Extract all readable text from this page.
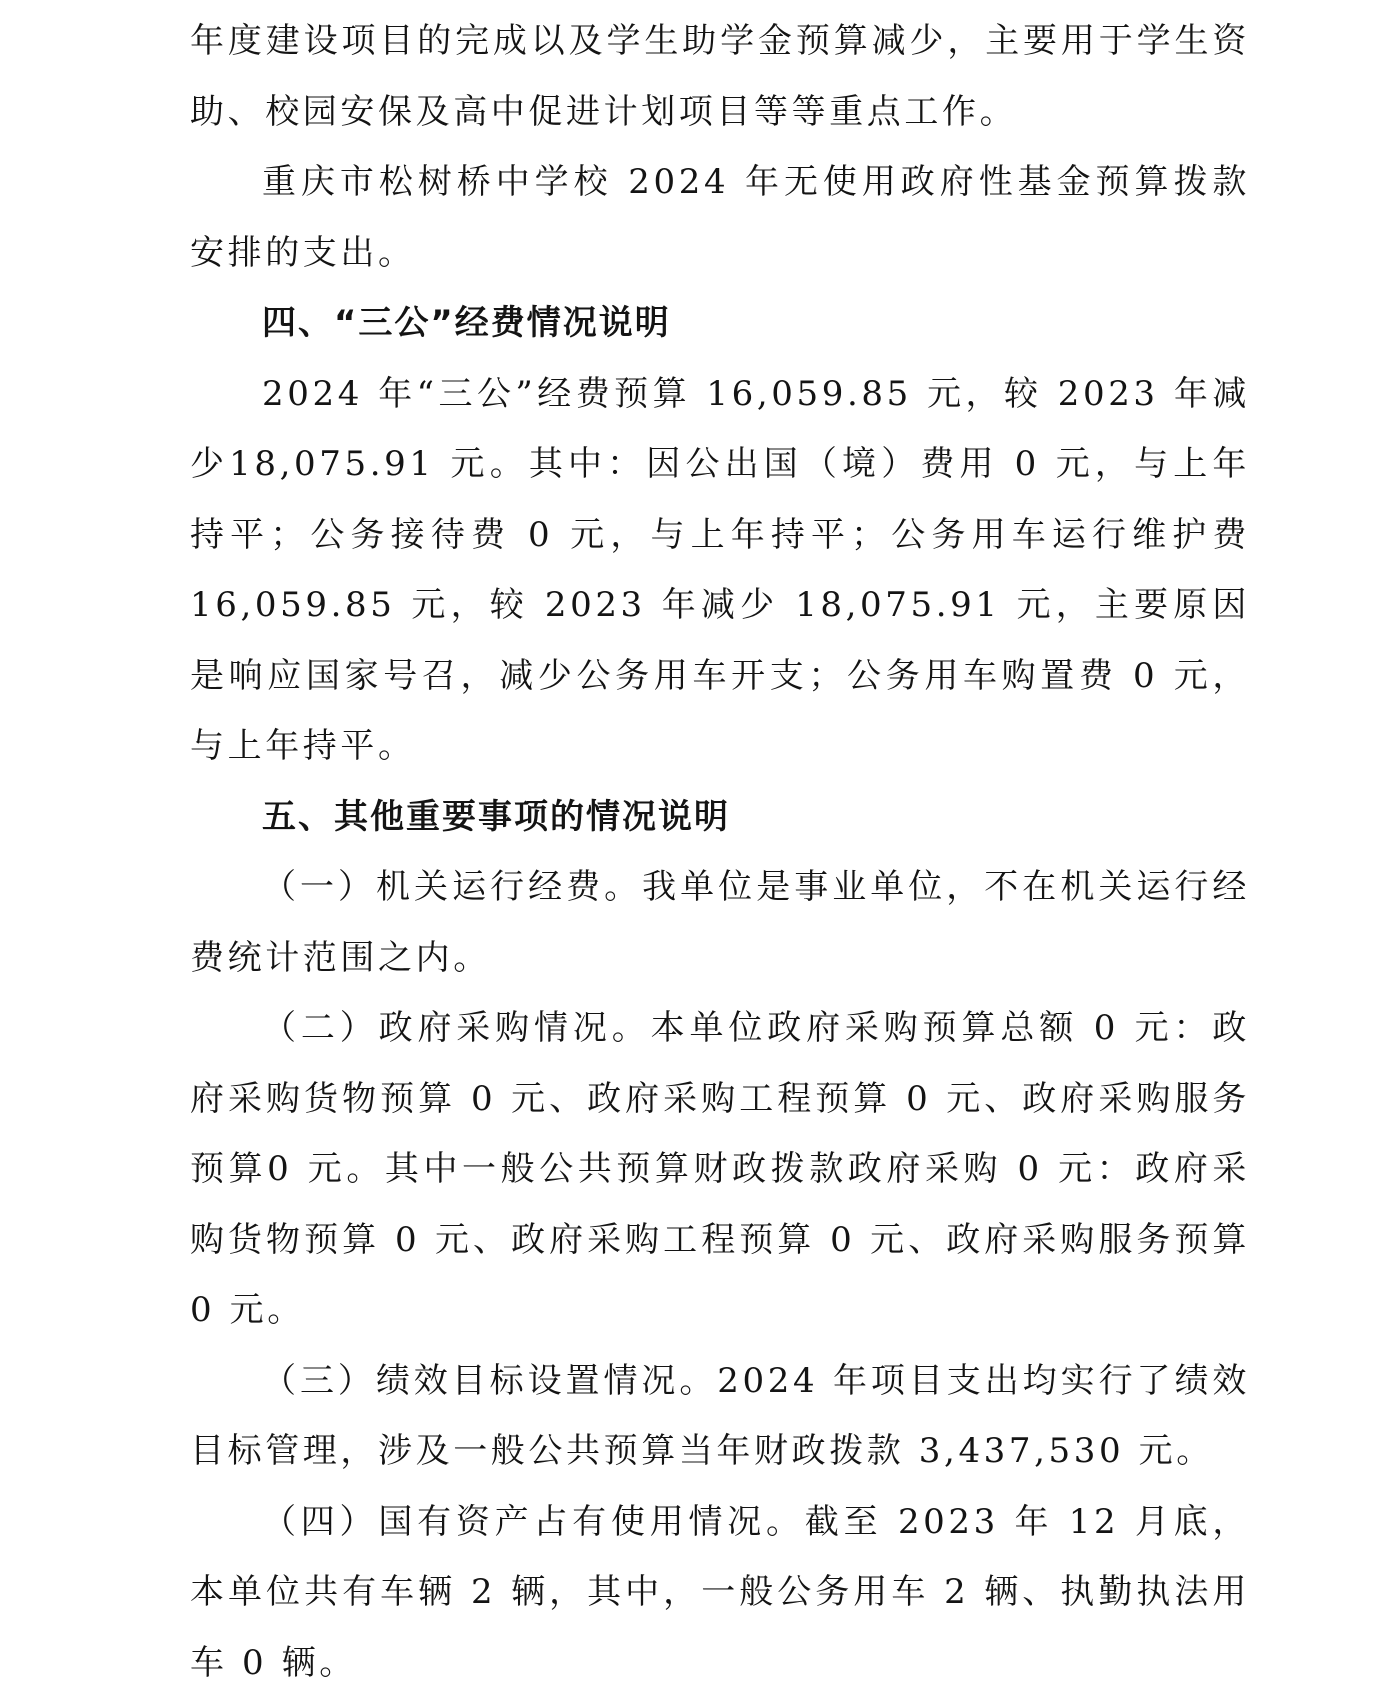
年度建设项目的完成以及学生助学金预算减少，主要用于学生资助、校园安保及高中促进计划项目等等重点工作。

重庆市松树桥中学校 2024 年无使用政府性基金预算拨款安排的支出。

四、“三公”经费情况说明

2024 年“三公”经费预算 16,059.85 元，较 2023 年减少18,075.91 元。其中：因公出国（境）费用 0 元，与上年持平；公务接待费 0 元，与上年持平；公务用车运行维护费 16,059.85 元，较 2023 年减少 18,075.91 元，主要原因是响应国家号召，减少公务用车开支；公务用车购置费 0 元，与上年持平。

五、其他重要事项的情况说明

（一）机关运行经费。我单位是事业单位，不在机关运行经费统计范围之内。

（二）政府采购情况。本单位政府采购预算总额 0 元：政府采购货物预算 0 元、政府采购工程预算 0 元、政府采购服务预算0 元。其中一般公共预算财政拨款政府采购 0 元：政府采购货物预算 0 元、政府采购工程预算 0 元、政府采购服务预算 0 元。

（三）绩效目标设置情况。2024 年项目支出均实行了绩效目标管理，涉及一般公共预算当年财政拨款 3,437,530 元。

（四）国有资产占有使用情况。截至 2023 年 12 月底，本单位共有车辆 2 辆，其中，一般公务用车 2 辆、执勤执法用车 0 辆。
